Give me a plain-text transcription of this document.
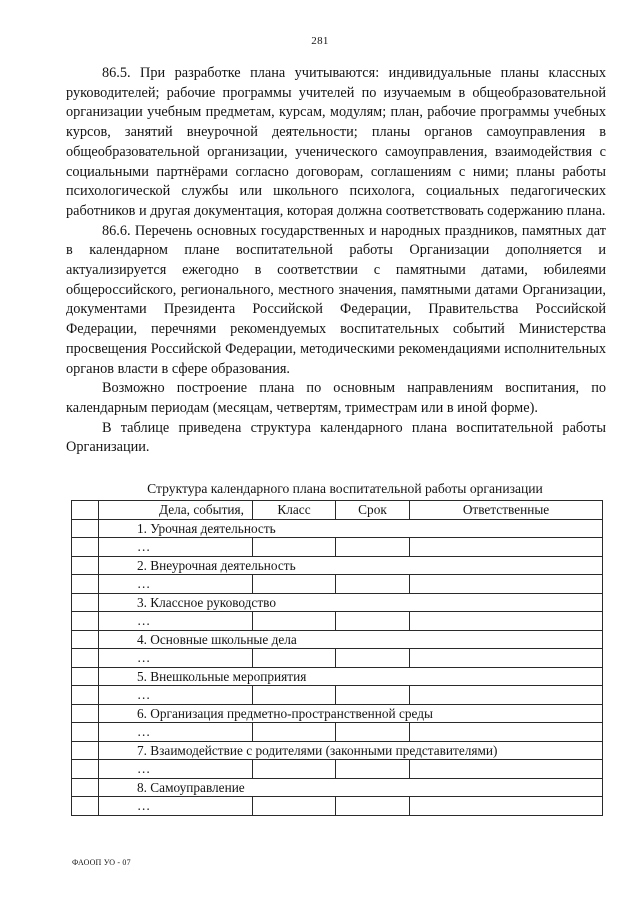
281

86.5. При разработке плана учитываются: индивидуальные планы классных руководителей; рабочие программы учителей по изучаемым в общеобразовательной организации учебным предметам, курсам, модулям; план, рабочие программы учебных курсов, занятий внеурочной деятельности; планы органов самоуправления в общеобразовательной организации, ученического самоуправления, взаимодействия с социальными партнёрами согласно договорам, соглашениям с ними; планы работы психологической службы или школьного психолога, социальных педагогических работников и другая документация, которая должна соответствовать содержанию плана.

86.6. Перечень основных государственных и народных праздников, памятных дат в календарном плане воспитательной работы Организации дополняется и актуализируется ежегодно в соответствии с памятными датами, юбилеями общероссийского, регионального, местного значения, памятными датами Организации, документами Президента Российской Федерации, Правительства Российской Федерации, перечнями рекомендуемых воспитательных событий Министерства просвещения Российской Федерации, методическими рекомендациями исполнительных органов власти в сфере образования.

Возможно построение плана по основным направлениям воспитания, по календарным периодам (месяцам, четвертям, триместрам или в иной форме).

В таблице приведена структура календарного плана воспитательной работы Организации.

Структура календарного плана воспитательной работы организации
	Дела, события,	Класс	Срок	Ответственные
	1. Урочная деятельность			
	…			
	2. Внеурочная деятельность			
	…			
	3. Классное руководство			
	…			
	4. Основные школьные дела			
	…			
	5. Внешкольные мероприятия			
	…			
	6. Организация предметно-пространственной среды			
	…			
	7. Взаимодействие с родителями (законными представителями)			
	…			
	8. Самоуправление			
	…			
ФАООП УО - 07
